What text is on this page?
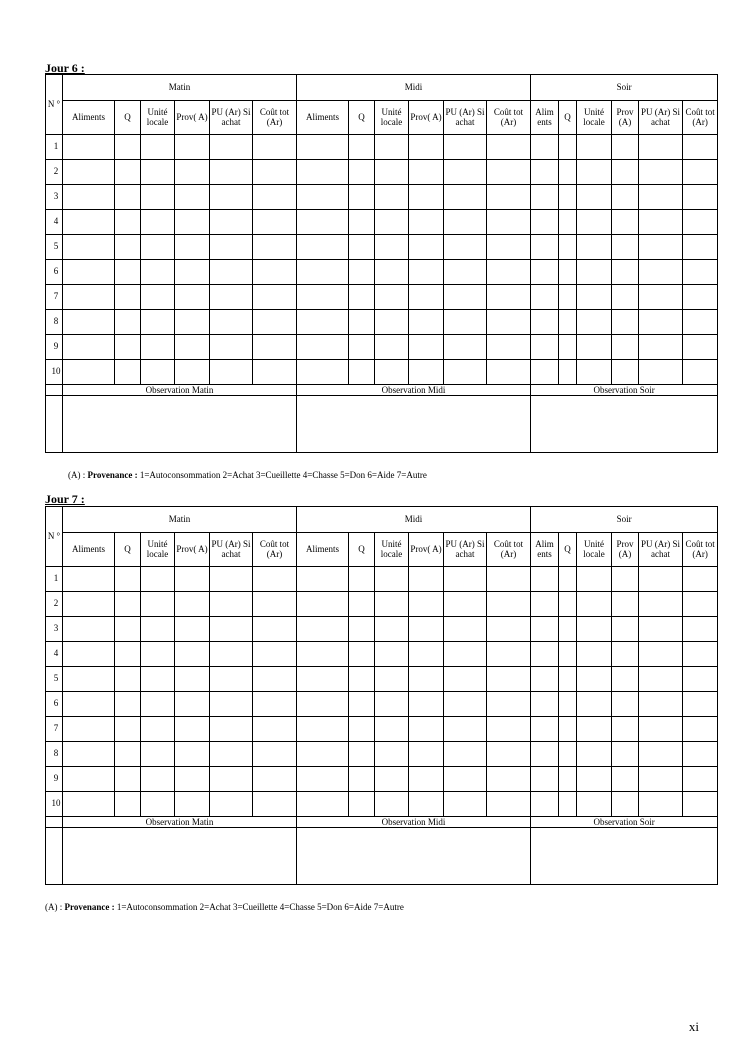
Jour 6 :
N °	Matin						Midi						Soir					
	Aliments	Q	Unité locale	Prov( A)	PU (Ar) Si achat	Coût tot (Ar)	Aliments	Q	Unité locale	Prov( A)	PU (Ar) Si achat	Coût tot (Ar)	Alim ents	Q	Unité locale	Prov (A)	PU (Ar) Si achat	Coût tot (Ar)
1																		
2																		
3																		
4																		
5																		
6																		
7																		
8																		
9																		
10																		
	Observation Matin						Observation Midi						Observation Soir					

(A) : Provenance : 1=Autoconsommation 2=Achat 3=Cueillette 4=Chasse 5=Don 6=Aide 7=Autre
Jour 7 :
N °	Matin						Midi						Soir					
	Aliments	Q	Unité locale	Prov( A)	PU (Ar) Si achat	Coût tot (Ar)	Aliments	Q	Unité locale	Prov( A)	PU (Ar) Si achat	Coût tot (Ar)	Alim ents	Q	Unité locale	Prov (A)	PU (Ar) Si achat	Coût tot (Ar)
1																		
2																		
3																		
4																		
5																		
6																		
7																		
8																		
9																		
10																		
	Observation Matin						Observation Midi						Observation Soir					

(A) : Provenance : 1=Autoconsommation 2=Achat 3=Cueillette 4=Chasse 5=Don 6=Aide 7=Autre
xi
